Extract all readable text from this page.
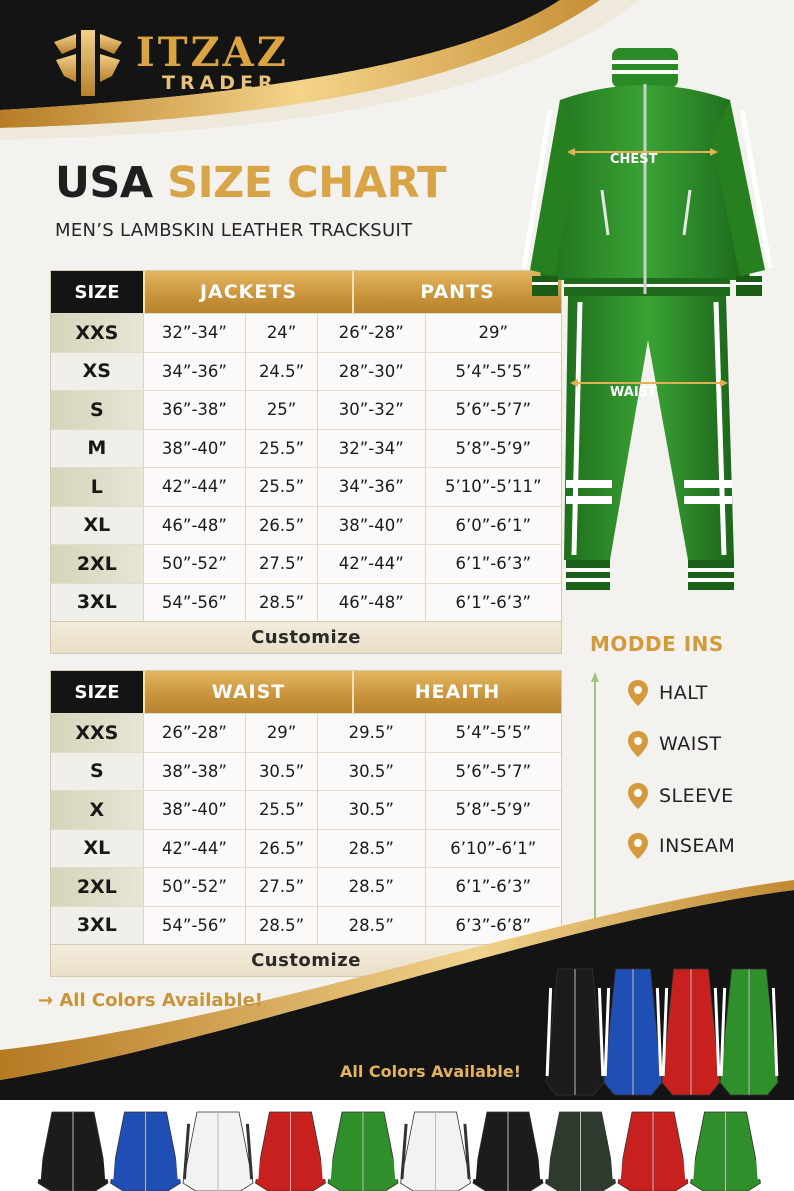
ITZAZ
TRADER
USA SIZE CHART
MEN’S LAMBSKIN LEATHER TRACKSUIT
SIZE	JACKETS	PANTS
XXS	32”-34”	24”	26”-28”	29”
XS	34”-36”	24.5”	28”-30”	5’4”-5’5”
S	36”-38”	25”	30”-32”	5’6”-5’7”
M	38”-40”	25.5”	32”-34”	5’8”-5’9”
L	42”-44”	25.5”	34”-36”	5’10”-5’11”
XL	46”-48”	26.5”	38”-40”	6’0”-6’1”
2XL	50”-52”	27.5”	42”-44”	6’1”-6’3”
3XL	54”-56”	28.5”	46”-48”	6’1”-6’3”
Customize
SIZE	WAIST	HEAITH
XXS	26”-28”	29”	29.5”	5’4”-5’5”
S	38”-38”	30.5”	30.5”	5’6”-5’7”
X	38”-40”	25.5”	30.5”	5’8”-5’9”
XL	42”-44”	26.5”	28.5”	6’10”-6’1”
2XL	50”-52”	27.5”	28.5”	6’1”-6’3”
3XL	54”-56”	28.5”	28.5”	6’3”-6’8”
Customize
CHEST
WAIST
MODDE INS
HALT
WAIST
SLEEVE
INSEAM
→ All Colors Available!
All Colors Available!
